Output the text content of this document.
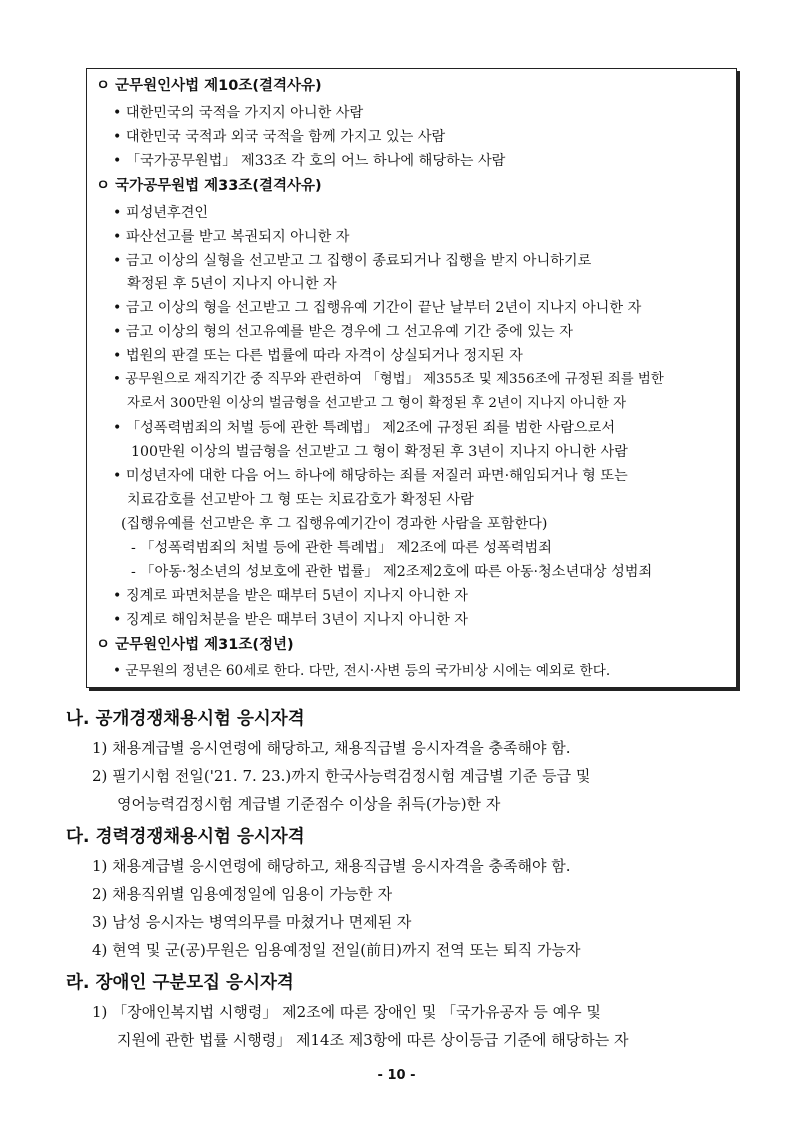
ㅇ 군무원인사법 제10조(결격사유)
• 대한민국의 국적을 가지지 아니한 사람
• 대한민국 국적과 외국 국적을 함께 가지고 있는 사람
• 「국가공무원법」 제33조 각 호의 어느 하나에 해당하는 사람
ㅇ 국가공무원법 제33조(결격사유)
• 피성년후견인
• 파산선고를 받고 복권되지 아니한 자
• 금고 이상의 실형을 선고받고 그 집행이 종료되거나 집행을 받지 아니하기로
확정된 후 5년이 지나지 아니한 자
• 금고 이상의 형을 선고받고 그 집행유예 기간이 끝난 날부터 2년이 지나지 아니한 자
• 금고 이상의 형의 선고유예를 받은 경우에 그 선고유예 기간 중에 있는 자
• 법원의 판결 또는 다른 법률에 따라 자격이 상실되거나 정지된 자
• 공무원으로 재직기간 중 직무와 관련하여 「형법」 제355조 및 제356조에 규정된 죄를 범한
자로서 300만원 이상의 벌금형을 선고받고 그 형이 확정된 후 2년이 지나지 아니한 자
• 「성폭력범죄의 처벌 등에 관한 특례법」 제2조에 규정된 죄를 범한 사람으로서
100만원 이상의 벌금형을 선고받고 그 형이 확정된 후 3년이 지나지 아니한 사람
• 미성년자에 대한 다음 어느 하나에 해당하는 죄를 저질러 파면·해임되거나 형 또는
치료감호를 선고받아 그 형 또는 치료감호가 확정된 사람
(집행유예를 선고받은 후 그 집행유예기간이 경과한 사람을 포함한다)
- 「성폭력범죄의 처벌 등에 관한 특례법」 제2조에 따른 성폭력범죄
- 「아동·청소년의 성보호에 관한 법률」 제2조제2호에 따른 아동·청소년대상 성범죄
• 징계로 파면처분을 받은 때부터 5년이 지나지 아니한 자
• 징계로 해임처분을 받은 때부터 3년이 지나지 아니한 자
ㅇ 군무원인사법 제31조(정년)
• 군무원의 정년은 60세로 한다. 다만, 전시·사변 등의 국가비상 시에는 예외로 한다.
나. 공개경쟁채용시험 응시자격
1) 채용계급별 응시연령에 해당하고, 채용직급별 응시자격을 충족해야 함.
2) 필기시험 전일('21. 7. 23.)까지 한국사능력검정시험 계급별 기준 등급 및
영어능력검정시험 계급별 기준점수 이상을 취득(가능)한 자
다. 경력경쟁채용시험 응시자격
1) 채용계급별 응시연령에 해당하고, 채용직급별 응시자격을 충족해야 함.
2) 채용직위별 임용예정일에 임용이 가능한 자
3) 남성 응시자는 병역의무를 마쳤거나 면제된 자
4) 현역 및 군(공)무원은 임용예정일 전일(前日)까지 전역 또는 퇴직 가능자
라. 장애인 구분모집 응시자격
1) 「장애인복지법 시행령」 제2조에 따른 장애인 및 「국가유공자 등 예우 및
지원에 관한 법률 시행령」 제14조 제3항에 따른 상이등급 기준에 해당하는 자
- 10 -
